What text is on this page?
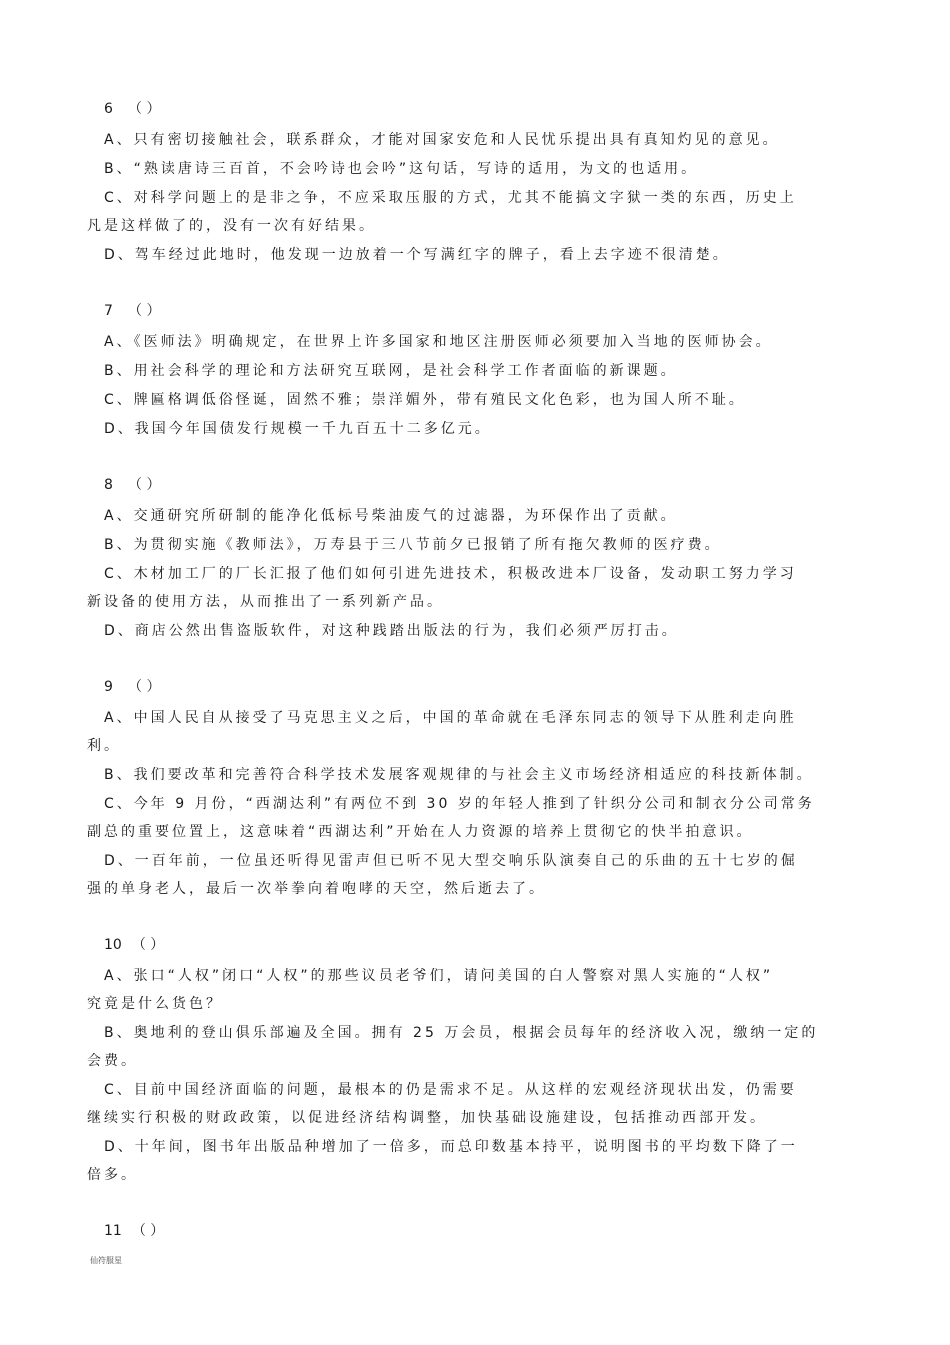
6 （ ）
A、只有密切接触社会，联系群众，才能对国家安危和人民忧乐提出具有真知灼见的意见。
B、“熟读唐诗三百首，不会吟诗也会吟”这句话，写诗的适用，为文的也适用。
C、对科学问题上的是非之争，不应采取压服的方式，尤其不能搞文字狱一类的东西，历史上
凡是这样做了的，没有一次有好结果。
D、驾车经过此地时，他发现一边放着一个写满红字的牌子，看上去字迹不很清楚。
7 （ ）
A、《医师法》明确规定，在世界上许多国家和地区注册医师必须要加入当地的医师协会。
B、用社会科学的理论和方法研究互联网，是社会科学工作者面临的新课题。
C、牌匾格调低俗怪诞，固然不雅；崇洋媚外，带有殖民文化色彩，也为国人所不耻。
D、我国今年国债发行规模一千九百五十二多亿元。
8 （ ）
A、交通研究所研制的能净化低标号柴油废气的过滤器，为环保作出了贡献。
B、为贯彻实施《教师法》，万寿县于三八节前夕已报销了所有拖欠教师的医疗费。
C、木材加工厂的厂长汇报了他们如何引进先进技术，积极改进本厂设备，发动职工努力学习
新设备的使用方法，从而推出了一系列新产品。
D、商店公然出售盗版软件，对这种践踏出版法的行为，我们必须严厉打击。
9 （ ）
A、中国人民自从接受了马克思主义之后，中国的革命就在毛泽东同志的领导下从胜利走向胜
利。
B、我们要改革和完善符合科学技术发展客观规律的与社会主义市场经济相适应的科技新体制。
C、今年 9 月份，“西湖达利”有两位不到 30 岁的年轻人推到了针织分公司和制衣分公司常务
副总的重要位置上，这意味着“西湖达利”开始在人力资源的培养上贯彻它的快半拍意识。
D、一百年前，一位虽还听得见雷声但已听不见大型交响乐队演奏自己的乐曲的五十七岁的倔
强的单身老人，最后一次举拳向着咆哮的天空，然后逝去了。
10 （ ）
A、张口“人权”闭口“人权”的那些议员老爷们，请问美国的白人警察对黑人实施的“人权”
究竟是什么货色？
B、奥地利的登山俱乐部遍及全国。拥有 25 万会员，根据会员每年的经济收入况，缴纳一定的
会费。
C、目前中国经济面临的问题，最根本的仍是需求不足。从这样的宏观经济现状出发，仍需要
继续实行积极的财政政策，以促进经济结构调整，加快基础设施建设，包括推动西部开发。
D、十年间，图书年出版品种增加了一倍多，而总印数基本持平，说明图书的平均数下降了一
倍多。
11 （ ）
仙符服星
